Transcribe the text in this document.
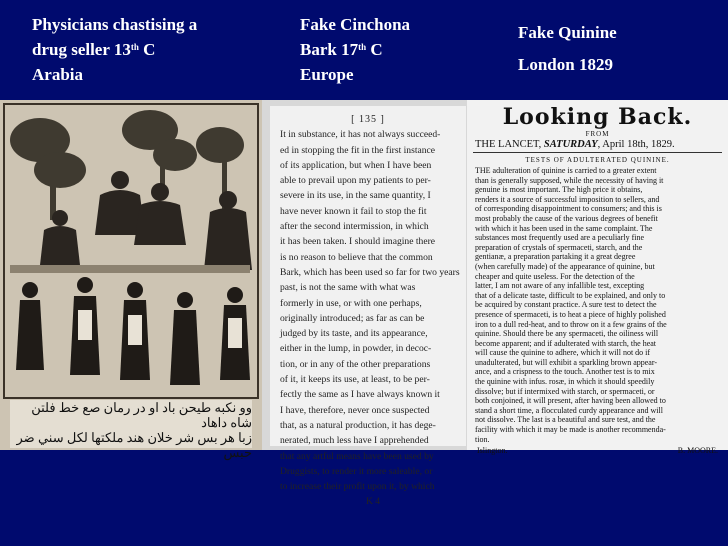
Physicians chastising a
drug seller 13th C
Arabia
Fake Cinchona
Bark 17th C
Europe
Fake Quinine
London 1829
وو نكبه طيحن باد او در رمان صع خط فلتن شاه داهاد
زبا هر بس شر خلان هند ملكتها لكل سني ضر حبس
[ 135 ]
It in substance, it has not always succeed-
ed in stopping the fit in the first instance
of its application, but when I have been
able to prevail upon my patients to per-
severe in its use, in the same quantity, I
have never known it fail to stop the fit
after the second intermission, in which
it has been taken. I should imagine there
is no reason to believe that the common
Bark, which has been used so far for two years
past, is not the same with what was
formerly in use, or with one perhaps,
originally introduced; as far as can be
judged by its taste, and its appearance,
either in the lump, in powder, in decoc-
tion, or in any of the other preparations
of it, it keeps its use, at least, to be per-
fectly the same as I have always known it
I have, therefore, never once suspected
that, as a natural production, it has dege-
nerated, much less have I apprehended
that any artful means have been used by
Druggists, to render it more saleable, or
to increase their profit upon it, by which
K 4
Looking Back.
FROM
THE LANCET, SATURDAY, April 18th, 1829.
TESTS OF ADULTERATED QUININE.
THE adulteration of quinine is carried to a greater extent
than is generally supposed, while the necessity of having it
genuine is most important. The high price it obtains,
renders it a source of successful imposition to sellers, and
of corresponding disappointment to consumers; and this is
most probably the cause of the various degrees of benefit
with which it has been used in the same complaint. The
substances most frequently used are a peculiarly fine
preparation of crystals of spermaceti, starch, and the
gentianæ, a preparation partaking it a great degree
(when carefully made) of the appearance of quinine, but
cheaper and quite useless. For the detection of the
latter, I am not aware of any infallible test, excepting
that of a delicate taste, difficult to be explained, and only to
be acquired by constant practice. A sure test to detect the
presence of spermaceti, is to heat a piece of highly polished
iron to a dull red-heat, and to throw on it a few grains of the
quinine. Should there be any spermaceti, the oiliness will
become apparent; and if adulterated with starch, the heat
will cause the quinine to adhere, which it will not do if
unadulterated, but will exhibit a sparkling brown appear-
ance, and a crispness to the touch. Another test is to mix
the quinine with infus. rosæ, in which it should speedily
dissolve; but if intermixed with starch, or spermaceti, or
both conjoined, it will present, after having been allowed to
stand a short time, a flocculated curdy appearance and will
not dissolve. The last is a beautiful and sure test, and the
facility with which it may be made is another recommenda-
tion.
Islington.	B. MOORE.
